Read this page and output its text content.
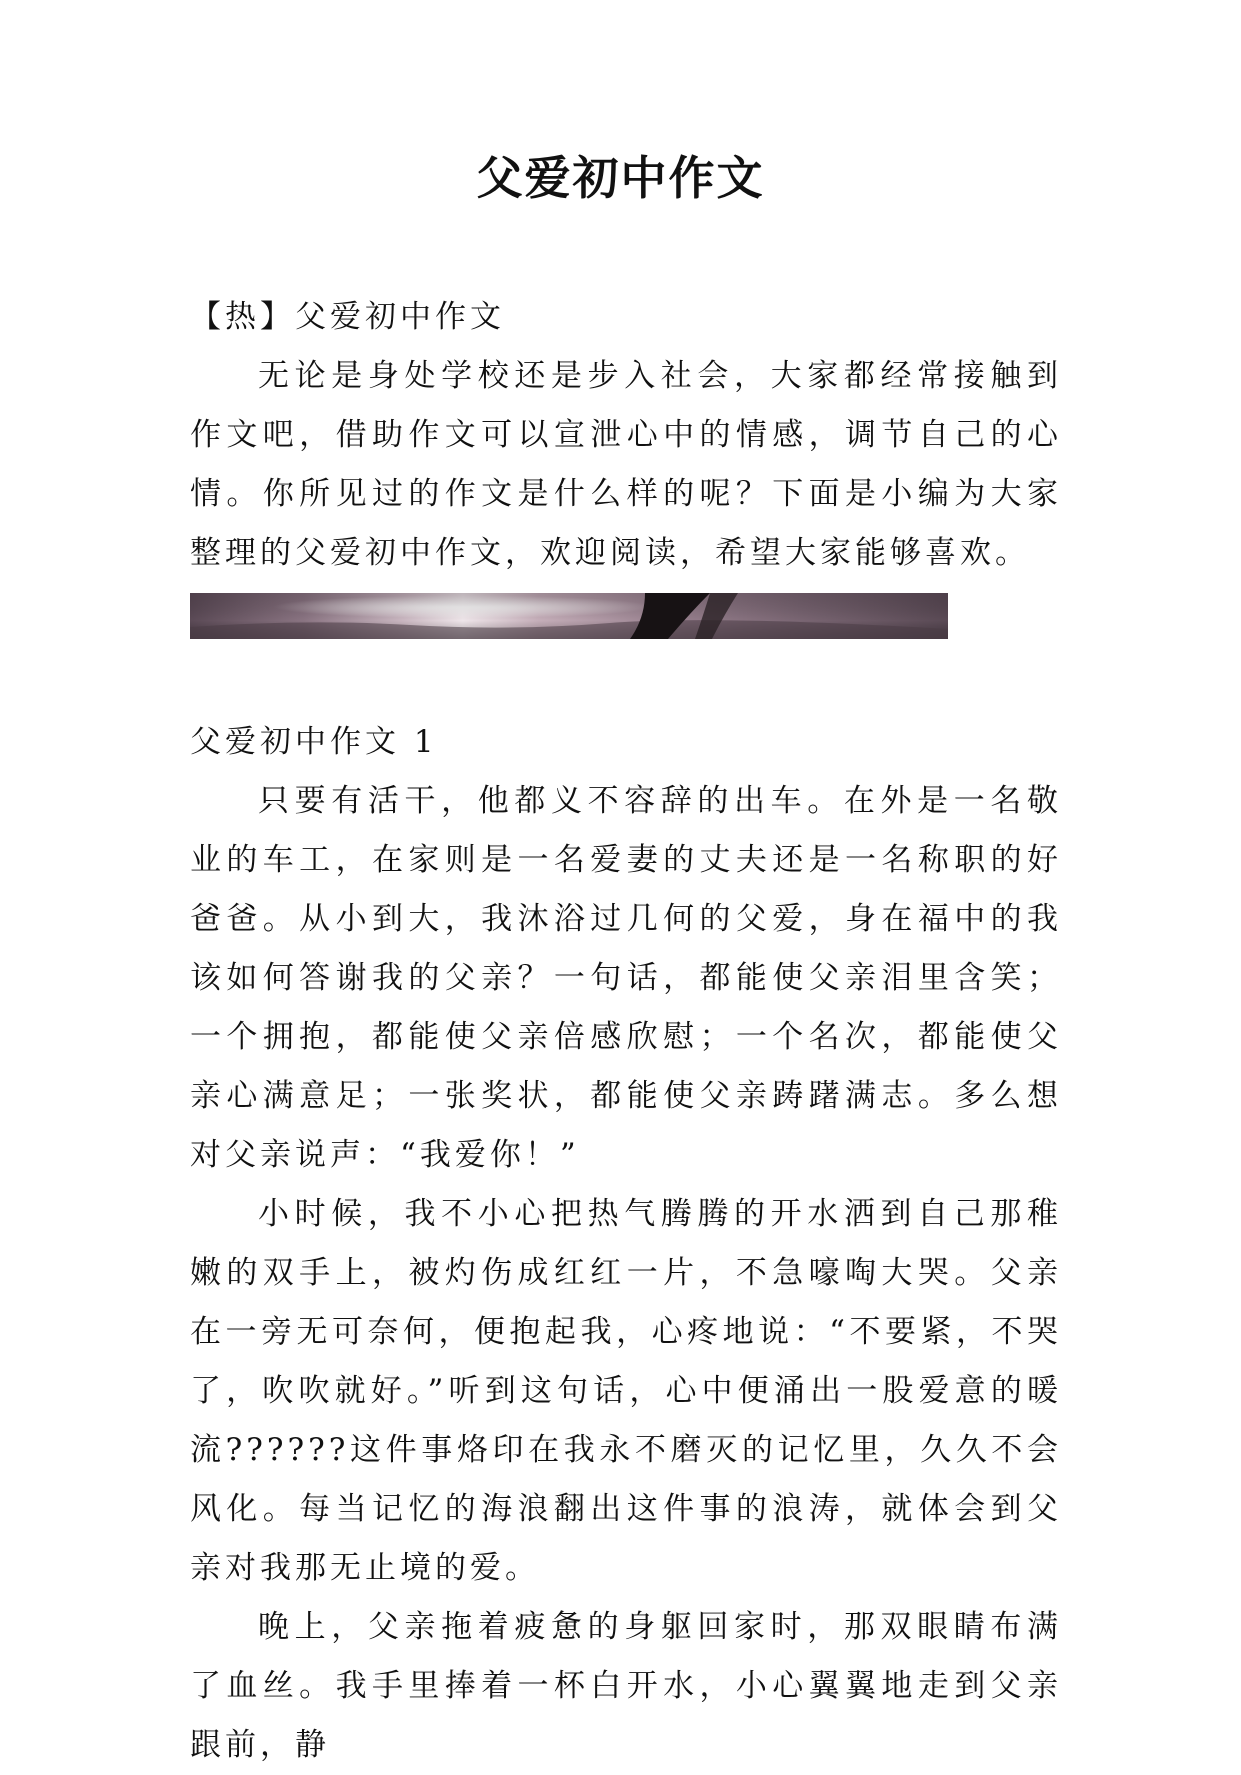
父爱初中作文

【热】父爱初中作文

无论是身处学校还是步入社会，大家都经常接触到作文吧，借助作文可以宣泄心中的情感，调节自己的心情。你所见过的作文是什么样的呢？下面是小编为大家整理的父爱初中作文，欢迎阅读，希望大家能够喜欢。

父爱初中作文 1

只要有活干，他都义不容辞的出车。在外是一名敬业的车工，在家则是一名爱妻的丈夫还是一名称职的好爸爸。从小到大，我沐浴过几何的父爱，身在福中的我该如何答谢我的父亲？一句话，都能使父亲泪里含笑；一个拥抱，都能使父亲倍感欣慰；一个名次，都能使父亲心满意足；一张奖状，都能使父亲踌躇满志。多么想对父亲说声：“我爱你！”

小时候，我不小心把热气腾腾的开水洒到自己那稚嫩的双手上，被灼伤成红红一片，不急嚎啕大哭。父亲在一旁无可奈何，便抱起我，心疼地说：“不要紧，不哭了，吹吹就好。”听到这句话，心中便涌出一股爱意的暖流??????这件事烙印在我永不磨灭的记忆里，久久不会风化。每当记忆的海浪翻出这件事的浪涛，就体会到父亲对我那无止境的爱。

晚上，父亲拖着疲惫的身躯回家时，那双眼睛布满了血丝。我手里捧着一杯白开水，小心翼翼地走到父亲跟前，静
